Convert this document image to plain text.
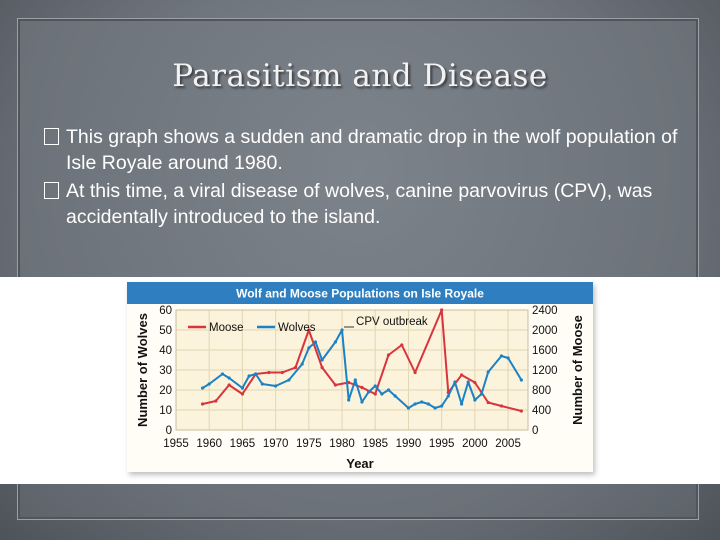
Parasitism and Disease
This graph shows a sudden and dramatic drop in the wolf population of Isle Royale around 1980.
At this time, a viral disease of wolves, canine parvovirus (CPV), was accidentally introduced to the island.
Wolf and Moose Populations on Isle Royale
0
10
20
30
40
50
60
0
400
800
1200
1600
2000
2400
1955 1960 1965 1970 1975 1980 1985 1990 1995 2000 2005
Year
Number of Wolves	Number of Moose
Moose	Wolves	CPV outbreak
